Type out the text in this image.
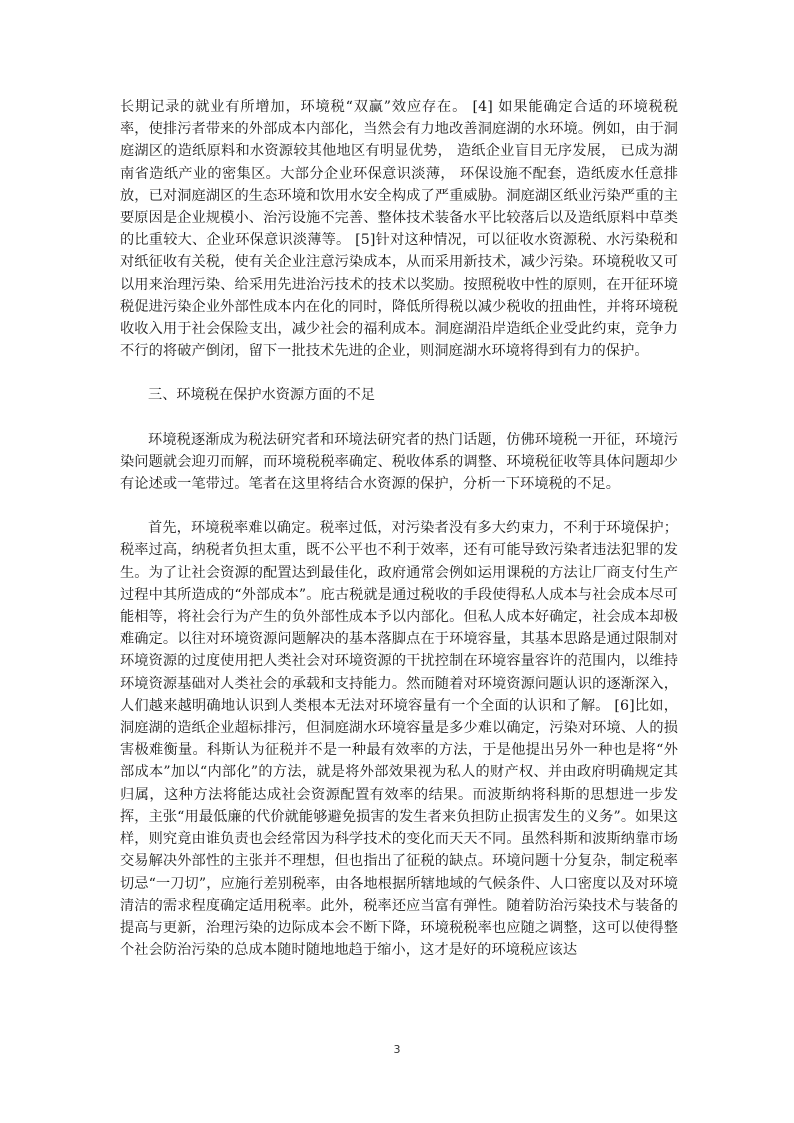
长期记录的就业有所增加，环境税“双赢”效应存在。 [4] 如果能确定合适的环境税税率，使排污者带来的外部成本内部化，当然会有力地改善洞庭湖的水环境。例如，由于洞庭湖区的造纸原料和水资源较其他地区有明显优势， 造纸企业盲目无序发展， 已成为湖南省造纸产业的密集区。大部分企业环保意识淡薄， 环保设施不配套，造纸废水任意排放，已对洞庭湖区的生态环境和饮用水安全构成了严重威胁。洞庭湖区纸业污染严重的主要原因是企业规模小、治污设施不完善、整体技术装备水平比较落后以及造纸原料中草类的比重较大、企业环保意识淡薄等。 [5]针对这种情况，可以征收水资源税、水污染税和对纸征收有关税，使有关企业注意污染成本，从而采用新技术，减少污染。环境税收又可以用来治理污染、给采用先进治污技术的技术以奖励。按照税收中性的原则，在开征环境税促进污染企业外部性成本内在化的同时，降低所得税以减少税收的扭曲性，并将环境税收收入用于社会保险支出，减少社会的福利成本。洞庭湖沿岸造纸企业受此约束，竞争力不行的将破产倒闭，留下一批技术先进的企业，则洞庭湖水环境将得到有力的保护。

三、环境税在保护水资源方面的不足

环境税逐渐成为税法研究者和环境法研究者的热门话题，仿佛环境税一开征，环境污染问题就会迎刃而解，而环境税税率确定、税收体系的调整、环境税征收等具体问题却少有论述或一笔带过。笔者在这里将结合水资源的保护，分析一下环境税的不足。

首先，环境税率难以确定。税率过低，对污染者没有多大约束力，不利于环境保护；税率过高，纳税者负担太重，既不公平也不利于效率，还有可能导致污染者违法犯罪的发生。为了让社会资源的配置达到最佳化，政府通常会例如运用课税的方法让厂商支付生产过程中其所造成的“外部成本”。庇古税就是通过税收的手段使得私人成本与社会成本尽可能相等，将社会行为产生的负外部性成本予以内部化。但私人成本好确定，社会成本却极难确定。以往对环境资源问题解决的基本落脚点在于环境容量，其基本思路是通过限制对环境资源的过度使用把人类社会对环境资源的干扰控制在环境容量容许的范围内，以维持环境资源基础对人类社会的承载和支持能力。然而随着对环境资源问题认识的逐渐深入，人们越来越明确地认识到人类根本无法对环境容量有一个全面的认识和了解。 [6]比如，洞庭湖的造纸企业超标排污，但洞庭湖水环境容量是多少难以确定，污染对环境、人的损害极难衡量。科斯认为征税并不是一种最有效率的方法，于是他提出另外一种也是将“外部成本”加以“内部化”的方法，就是将外部效果视为私人的财产权、并由政府明确规定其归属，这种方法将能达成社会资源配置有效率的结果。而波斯纳将科斯的思想进一步发挥，主张“用最低廉的代价就能够避免损害的发生者来负担防止损害发生的义务”。如果这样，则究竟由谁负责也会经常因为科学技术的变化而天天不同。虽然科斯和波斯纳靠市场交易解决外部性的主张并不理想，但也指出了征税的缺点。环境问题十分复杂，制定税率切忌“一刀切”，应施行差别税率，由各地根据所辖地域的气候条件、人口密度以及对环境清洁的需求程度确定适用税率。此外，税率还应当富有弹性。随着防治污染技术与装备的提高与更新，治理污染的边际成本会不断下降，环境税税率也应随之调整，这可以使得整个社会防治污染的总成本随时随地地趋于缩小，这才是好的环境税应该达

3
